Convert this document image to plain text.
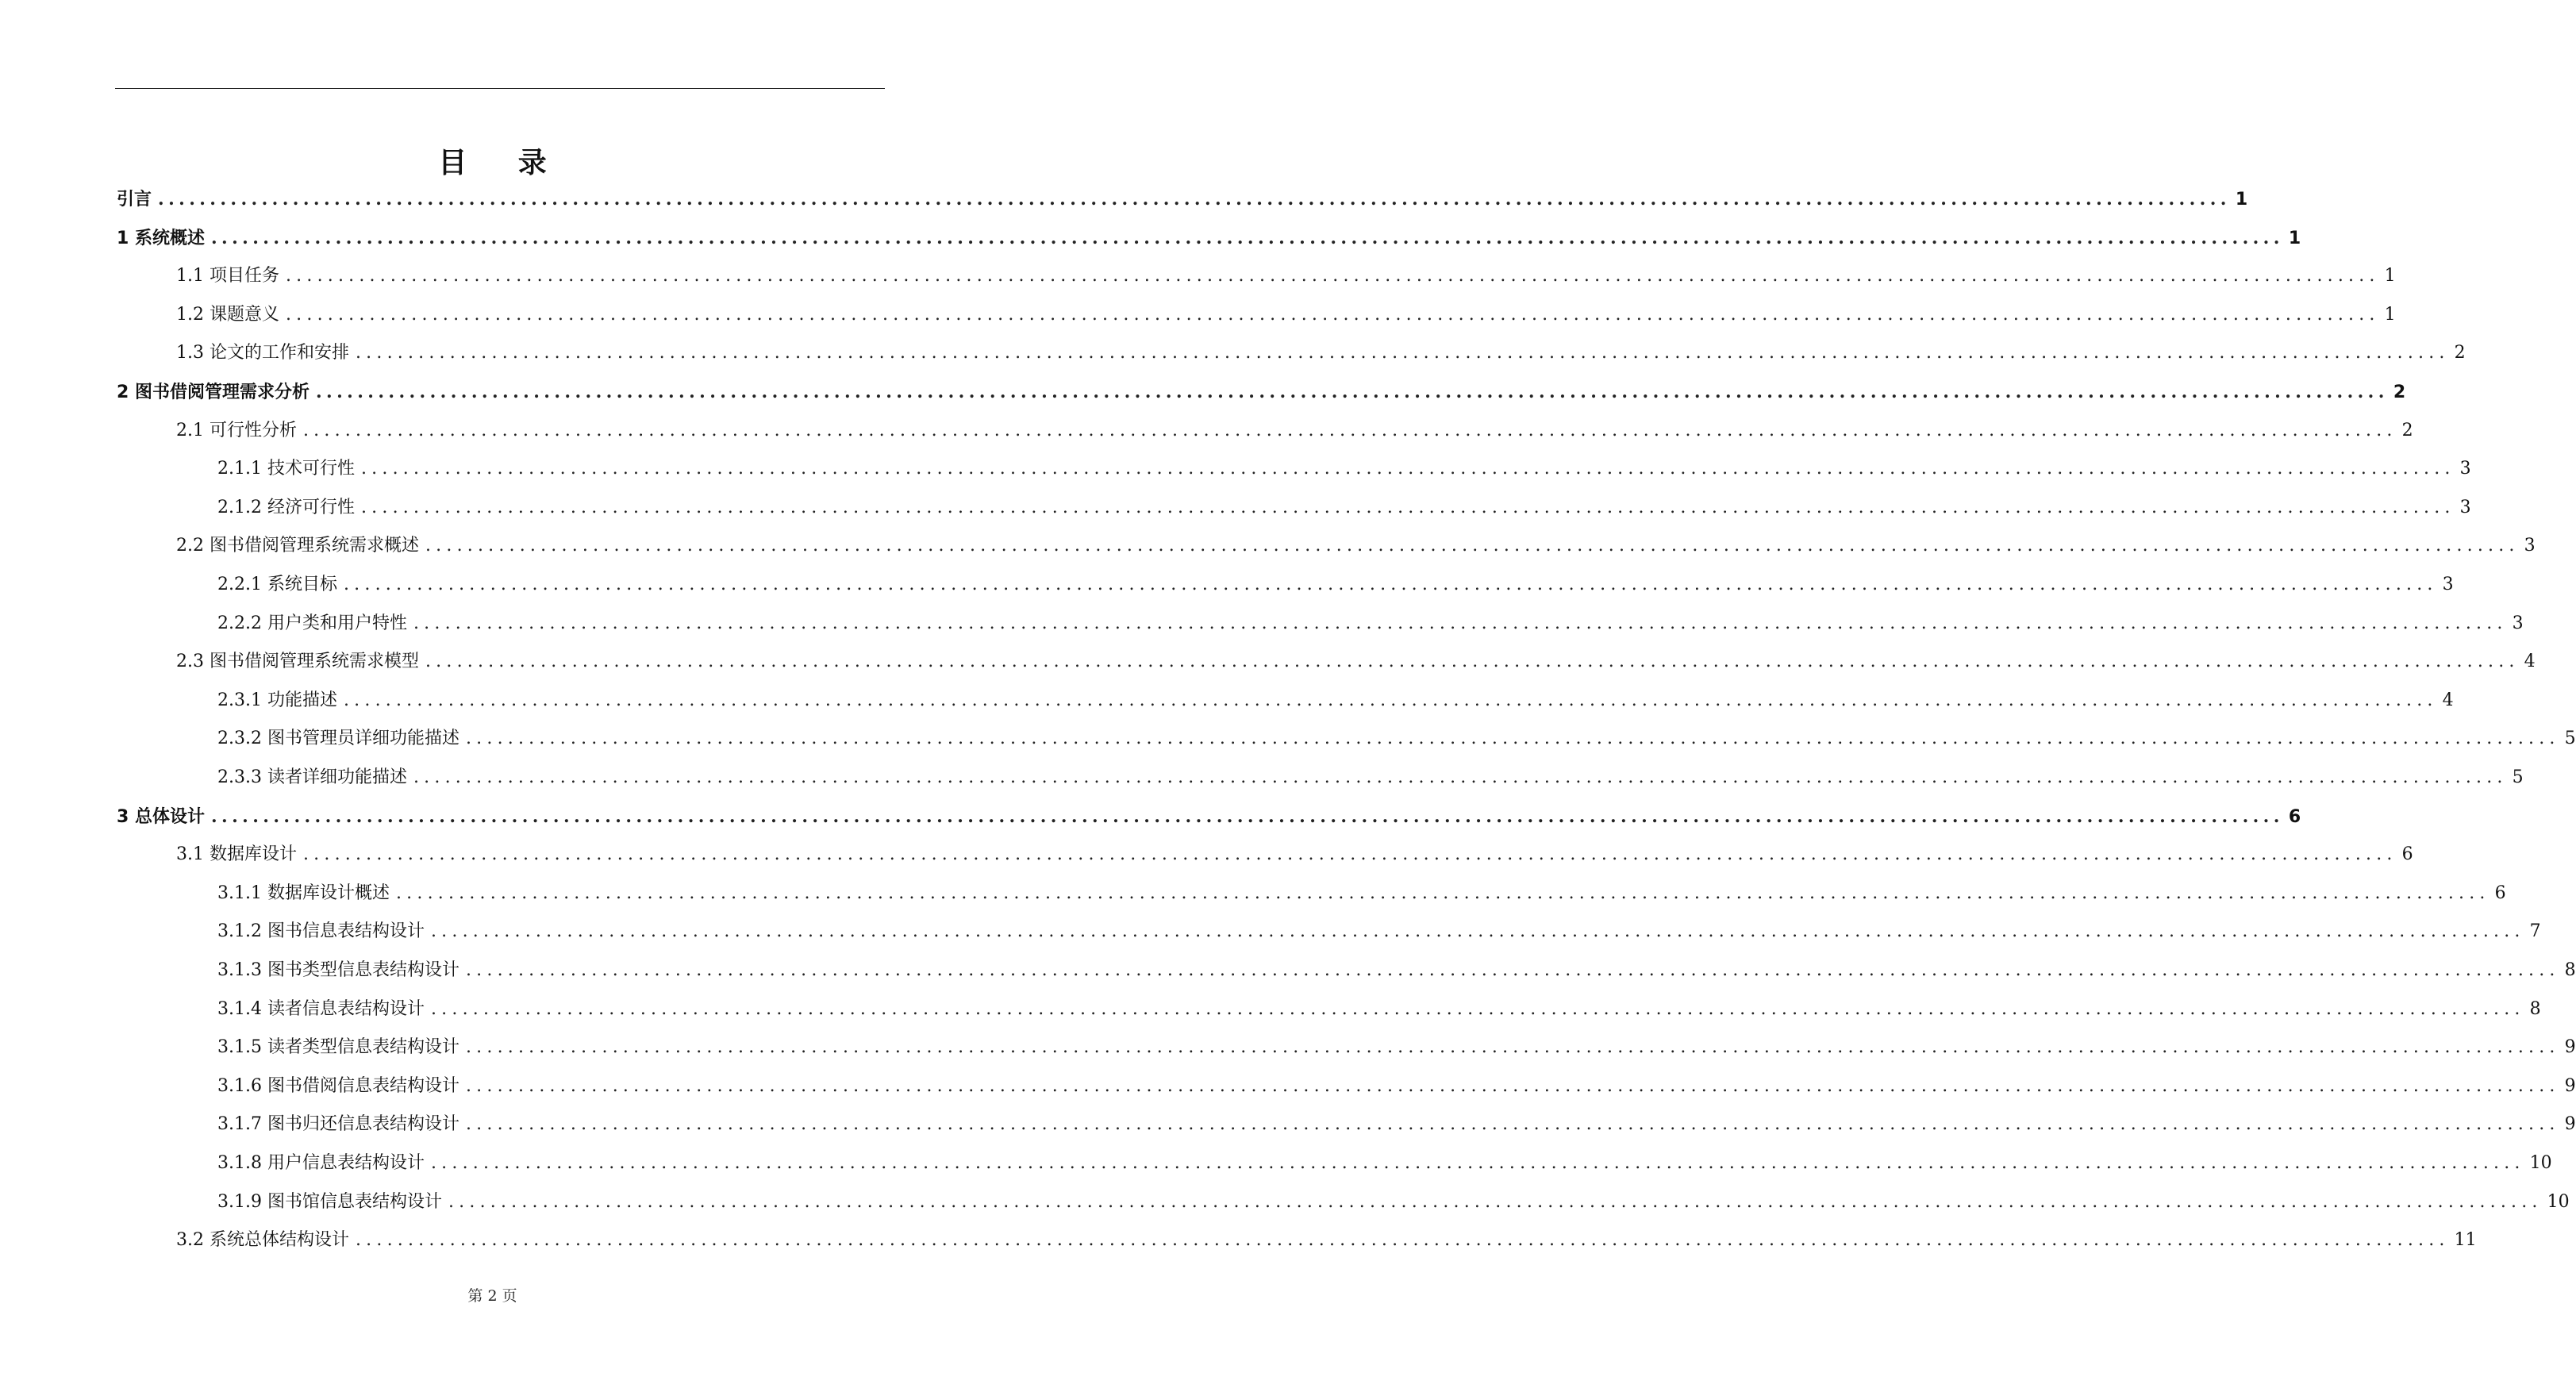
目 录
引言 ........................................................................................................................................................................................................ 1
1 系统概述 ........................................................................................................................................................................................................ 1
1.1 项目任务 ........................................................................................................................................................................................................ 1
1.2 课题意义 ........................................................................................................................................................................................................ 1
1.3 论文的工作和安排 ........................................................................................................................................................................................................ 2
2 图书借阅管理需求分析 ........................................................................................................................................................................................................ 2
2.1 可行性分析 ........................................................................................................................................................................................................ 2
2.1.1 技术可行性 ........................................................................................................................................................................................................ 3
2.1.2 经济可行性 ........................................................................................................................................................................................................ 3
2.2 图书借阅管理系统需求概述 ........................................................................................................................................................................................................ 3
2.2.1 系统目标 ........................................................................................................................................................................................................ 3
2.2.2 用户类和用户特性 ........................................................................................................................................................................................................ 3
2.3 图书借阅管理系统需求模型 ........................................................................................................................................................................................................ 4
2.3.1 功能描述 ........................................................................................................................................................................................................ 4
2.3.2 图书管理员详细功能描述 ........................................................................................................................................................................................................ 5
2.3.3 读者详细功能描述 ........................................................................................................................................................................................................ 5
3 总体设计 ........................................................................................................................................................................................................ 6
3.1 数据库设计 ........................................................................................................................................................................................................ 6
3.1.1 数据库设计概述 ........................................................................................................................................................................................................ 6
3.1.2 图书信息表结构设计 ........................................................................................................................................................................................................ 7
3.1.3 图书类型信息表结构设计 ........................................................................................................................................................................................................ 8
3.1.4 读者信息表结构设计 ........................................................................................................................................................................................................ 8
3.1.5 读者类型信息表结构设计 ........................................................................................................................................................................................................ 9
3.1.6 图书借阅信息表结构设计 ........................................................................................................................................................................................................ 9
3.1.7 图书归还信息表结构设计 ........................................................................................................................................................................................................ 9
3.1.8 用户信息表结构设计 ........................................................................................................................................................................................................ 10
3.1.9 图书馆信息表结构设计 ........................................................................................................................................................................................................ 10
3.2 系统总体结构设计 ........................................................................................................................................................................................................ 11
第 2 页
